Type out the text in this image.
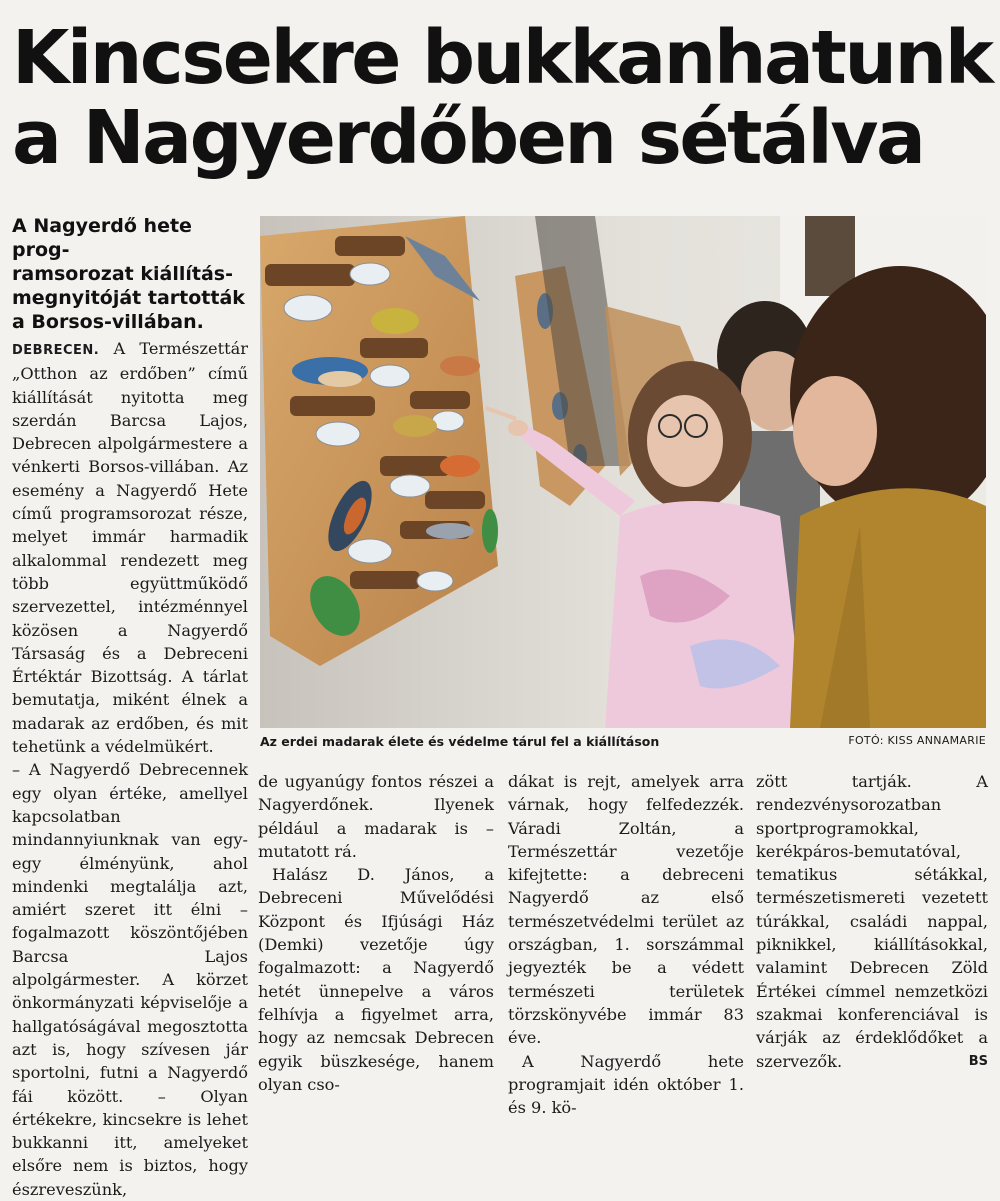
Kincsekre bukkanhatunk
a Nagyerdőben sétálva
A Nagyerdő hete prog-
ramsorozat kiállítás-
megnyitóját tartották
a Borsos-villában.

DEBRECEN. A Természettár „Otthon az erdőben” című kiállítását nyitotta meg szerdán Barcsa Lajos, Debrecen alpolgármestere a vénkerti Borsos-villában. Az esemény a Nagyerdő Hete című programsorozat része, melyet immár harmadik alkalommal rendezett meg több együttműködő szervezettel, intézménnyel közösen a Nagyerdő Társaság és a Debreceni Értéktár Bizottság. A tárlat bemutatja, miként élnek a madarak az erdőben, és mit tehetünk a védelmükért.

– A Nagyerdő Debrecennek egy olyan értéke, amellyel kapcsolatban mindannyiunknak van egy-egy élményünk, ahol mindenki megtalálja azt, amiért szeret itt élni – fogalmazott köszöntőjében Barcsa Lajos alpolgármester. A körzet önkormányzati képviselője a hallgatóságával megosztotta azt is, hogy szívesen jár sportolni, futni a Nagyerdő fái között. – Olyan értékekre, kincsekre is lehet bukkanni itt, amelyeket elsőre nem is biztos, hogy észreveszünk,

Az erdei madarak élete és védelme tárul fel a kiállításon	FOTÓ: KISS ANNAMARIE

de ugyanúgy fontos részei a Nagyerdőnek. Ilyenek például a madarak is – mutatott rá.

Halász D. János, a Debreceni Művelődési Központ és Ifjúsági Ház (Demki) vezetője úgy fogalmazott: a Nagyerdő hetét ünnepelve a város felhívja a figyelmet arra, hogy az nemcsak Debrecen egyik büszkesége, hanem olyan cso-

dákat is rejt, amelyek arra várnak, hogy felfedezzék. Váradi Zoltán, a Természettár vezetője kifejtette: a debreceni Nagyerdő az első természetvédelmi terület az országban, 1. sorszámmal jegyezték be a védett természeti területek törzskönyvébe immár 83 éve.

A Nagyerdő hete programjait idén október 1. és 9. kö-

zött tartják. A rendezvénysorozatban sportprogramokkal, kerékpáros-bemutatóval, tematikus sétákkal, természetismereti vezetett túrákkal, családi nappal, piknikkel, kiállításokkal, valamint Debrecen Zöld Értékei címmel nemzetközi szakmai konferenciával is várják az érdeklődőket a szervezők.	BS
